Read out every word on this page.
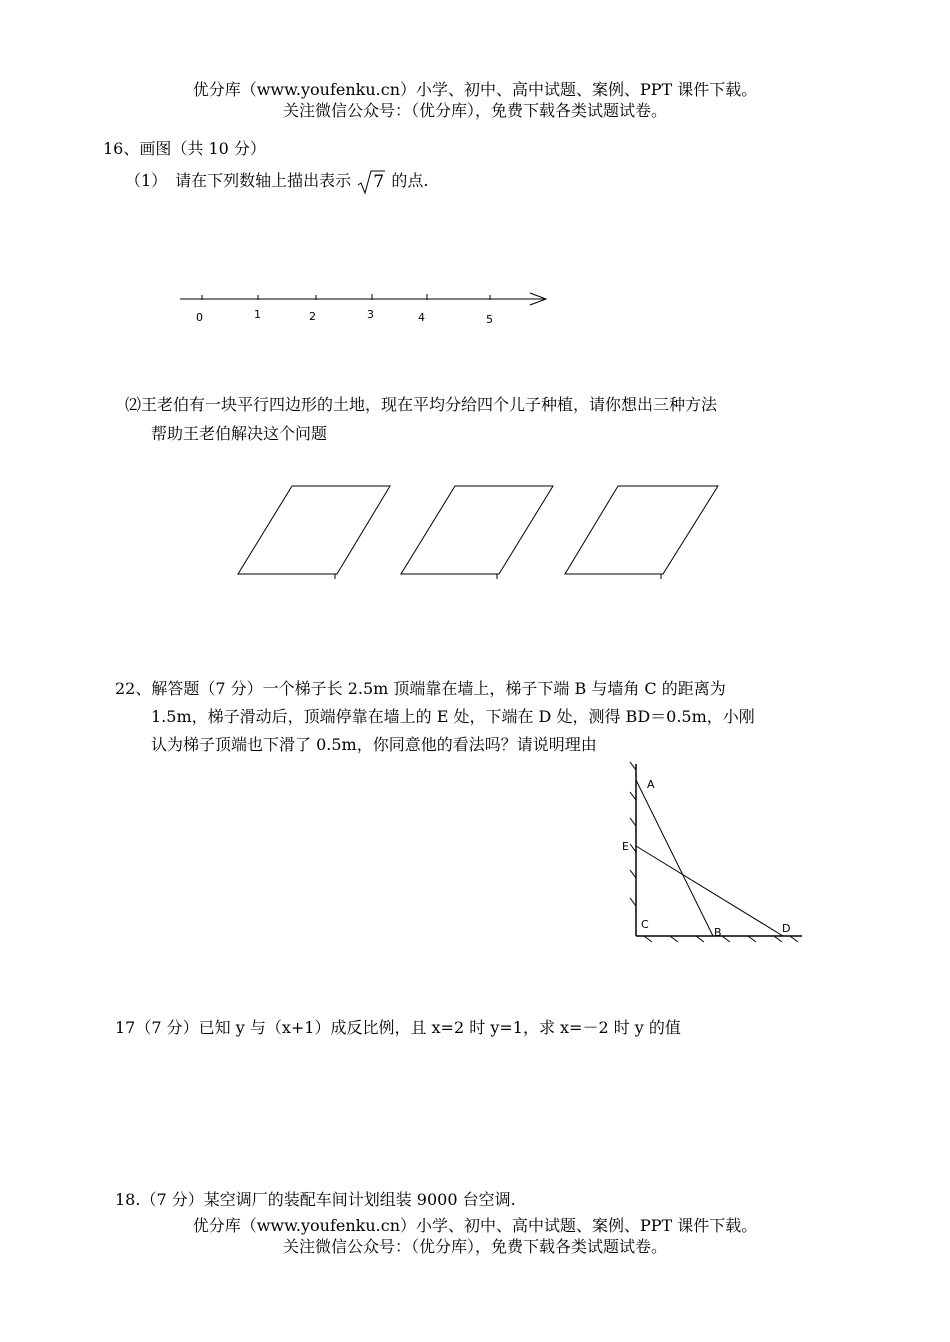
优分库（www.youfenku.cn）小学、初中、高中试题、案例、PPT 课件下载。
关注微信公众号：（优分库），免费下载各类试题试卷。
16、画图（共 10 分）
（1）　请在下列数轴上描出表示 7 的点.
0	1	2	3	4	5
⑵王老伯有一块平行四边形的土地，现在平均分给四个儿子种植，请你想出三种方法
帮助王老伯解决这个问题
22、解答题（7 分）一个梯子长 2.5m 顶端靠在墙上，梯子下端 B 与墙角 C 的距离为
1.5m，梯子滑动后，顶端停靠在墙上的 E 处，下端在 D 处，测得 BD＝0.5m，小刚
认为梯子顶端也下滑了 0.5m，你同意他的看法吗？请说明理由
A
E
C
B	D
17（7 分）已知 y 与（x+1）成反比例，且 x=2 时 y=1，求 x=－2 时 y 的值
18.（7 分）某空调厂的装配车间计划组装 9000 台空调.
优分库（www.youfenku.cn）小学、初中、高中试题、案例、PPT 课件下载。
关注微信公众号：（优分库），免费下载各类试题试卷。
